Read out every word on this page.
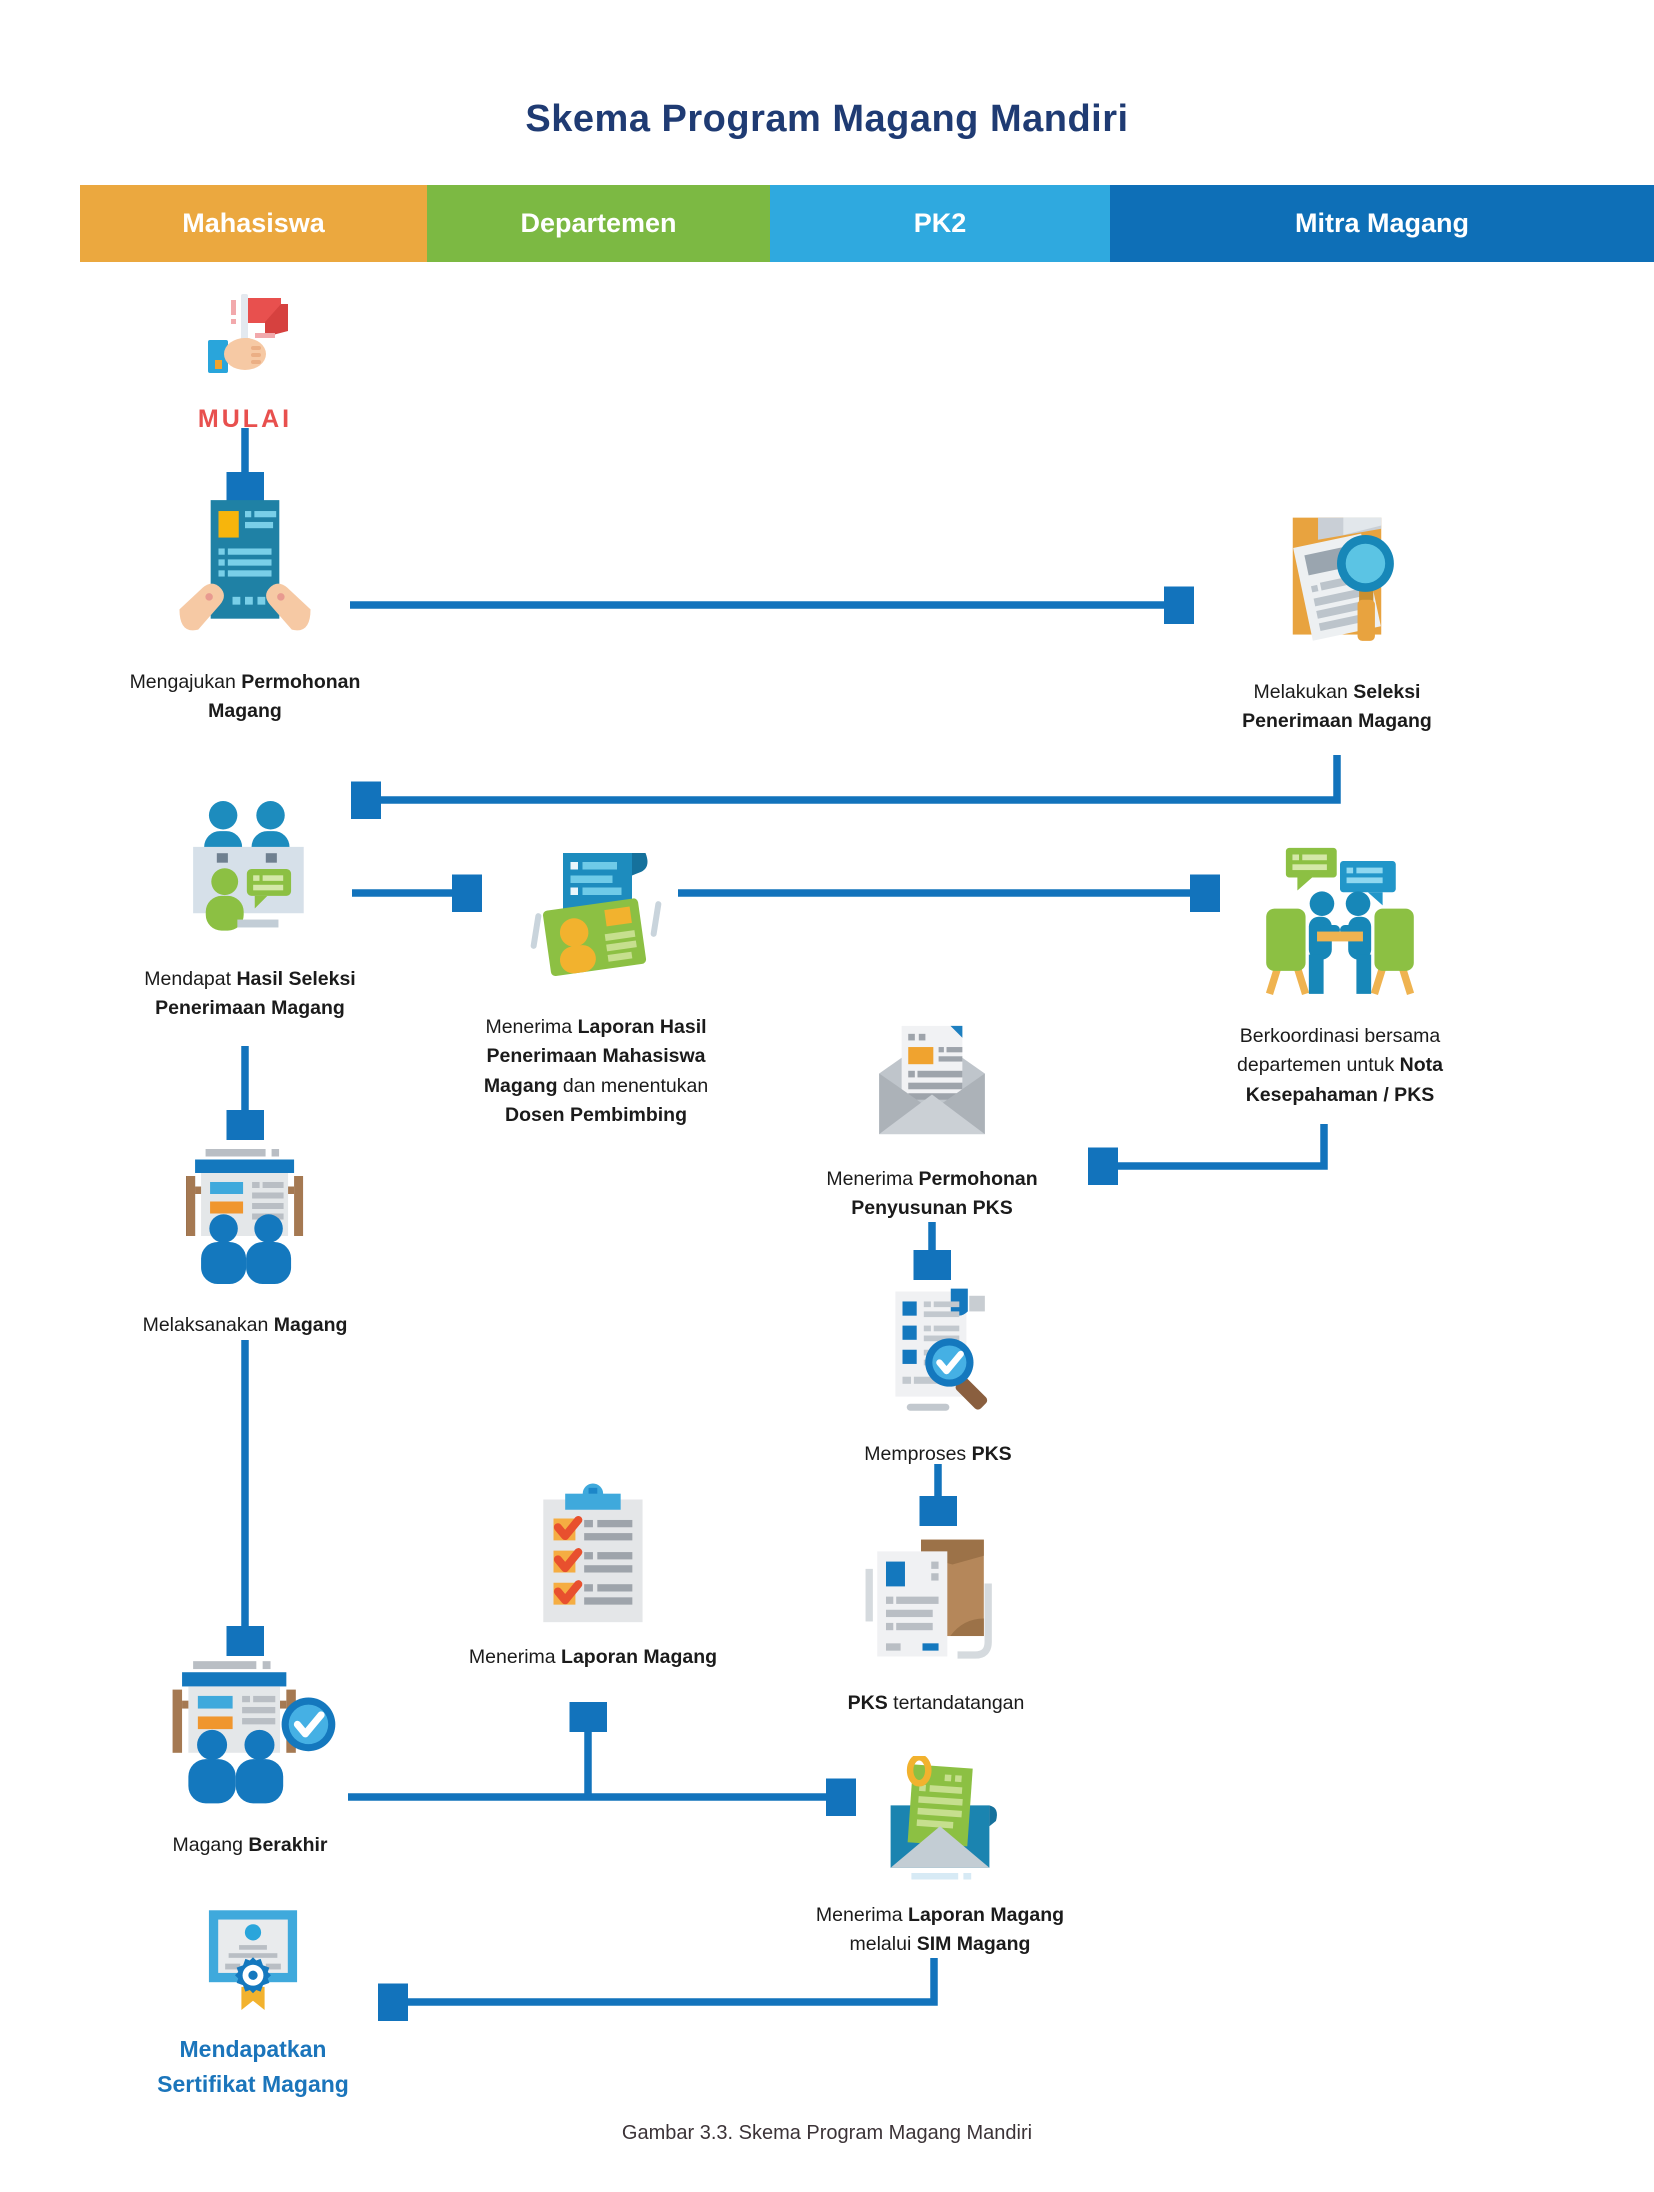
Skema Program Magang Mandiri
Mahasiswa	Departemen	PK2	Mitra Magang
MULAI
Mengajukan Permohonan Magang
Melakukan Seleksi Penerimaan Magang
Mendapat Hasil Seleksi Penerimaan Magang
Menerima Laporan Hasil Penerimaan Mahasiswa Magang dan menentukan Dosen Pembimbing
Berkoordinasi bersama departemen untuk Nota Kesepahaman / PKS
Menerima Permohonan Penyusunan PKS
Melaksanakan Magang
Memproses PKS
Menerima Laporan Magang
PKS tertandatangan
Magang Berakhir
Menerima Laporan Magang melalui SIM Magang
Mendapatkan Sertifikat Magang
Gambar 3.3. Skema Program Magang Mandiri
